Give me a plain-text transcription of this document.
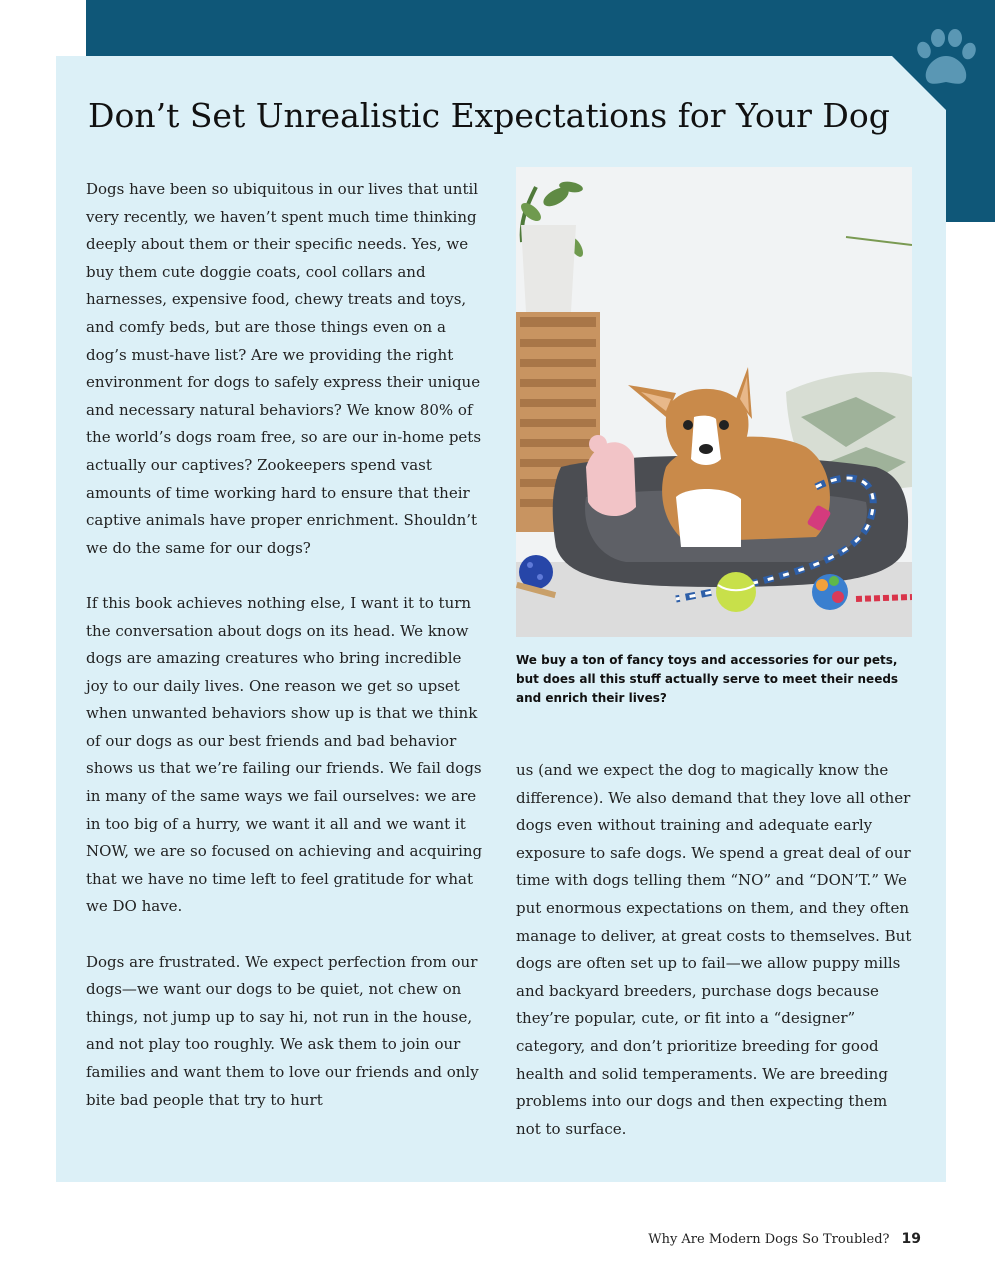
Don’t Set Unrealistic Expectations for Your Dog

Dogs have been so ubiquitous in our lives that until very recently, we haven’t spent much time thinking deeply about them or their specific needs. Yes, we buy them cute doggie coats, cool collars and harnesses, expensive food, chewy treats and toys, and comfy beds, but are those things even on a dog’s must-have list? Are we providing the right environment for dogs to safely express their unique and necessary natural behaviors? We know 80% of the world’s dogs roam free, so are our in-home pets actually our captives? Zookeepers spend vast amounts of time working hard to ensure that their captive animals have proper enrichment. Shouldn’t we do the same for our dogs?

If this book achieves nothing else, I want it to turn the conversation about dogs on its head. We know dogs are amazing creatures who bring incredible joy to our daily lives. One reason we get so upset when unwanted behaviors show up is that we think of our dogs as our best friends and bad behavior shows us that we’re failing our friends. We fail dogs in many of the same ways we fail ourselves: we are in too big of a hurry, we want it all and we want it NOW, we are so focused on achieving and acquiring that we have no time left to feel gratitude for what we DO have.

Dogs are frustrated. We expect perfection from our dogs—we want our dogs to be quiet, not chew on things, not jump up to say hi, not run in the house, and not play too roughly. We ask them to join our families and want them to love our friends and only bite bad people that try to hurt

We buy a ton of fancy toys and accessories for our pets, but does all this stuff actually serve to meet their needs and enrich their lives?

us (and we expect the dog to magically know the difference). We also demand that they love all other dogs even without training and adequate early exposure to safe dogs. We spend a great deal of our time with dogs telling them “NO” and “DON’T.” We put enormous expectations on them, and they often manage to deliver, at great costs to themselves. But dogs are often set up to fail—we allow puppy mills and backyard breeders, purchase dogs because they’re popular, cute, or fit into a “designer” category, and don’t prioritize breeding for good health and solid temperaments. We are breeding problems into our dogs and then expecting them not to surface.

Why Are Modern Dogs So Troubled? 19
